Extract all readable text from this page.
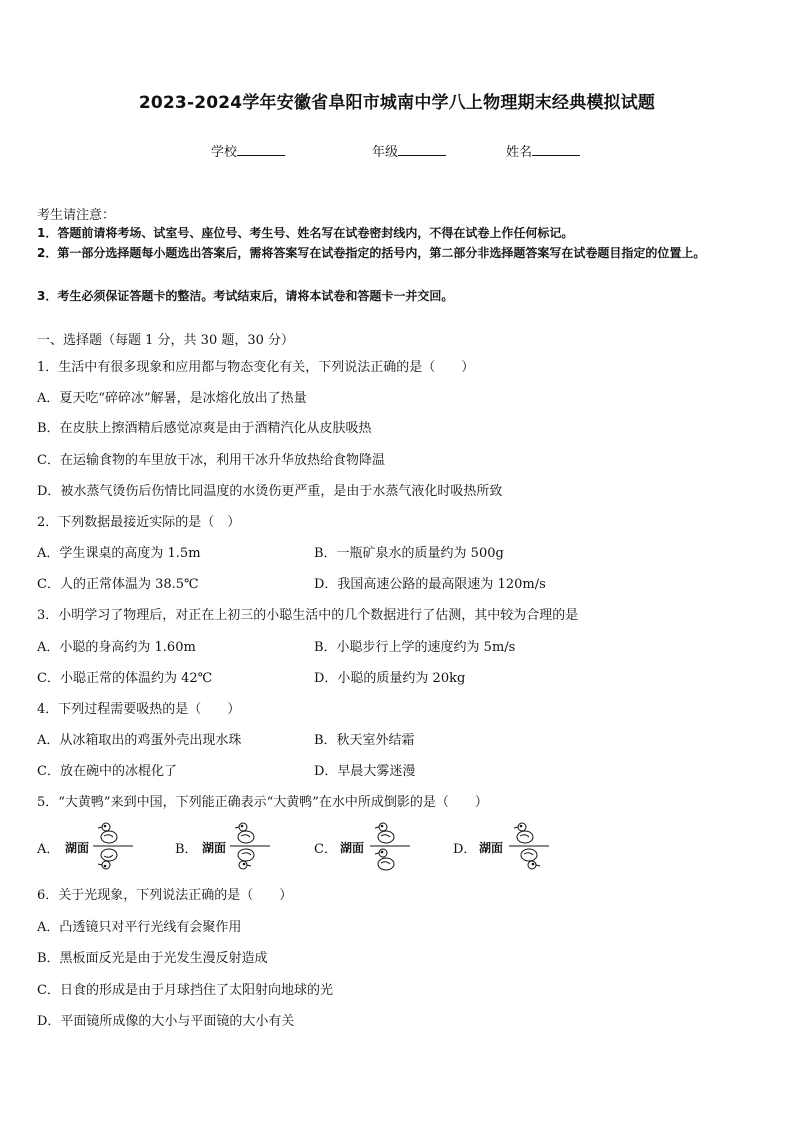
2023-2024学年安徽省阜阳市城南中学八上物理期末经典模拟试题
学校	年级	姓名
考生请注意：
1．答题前请将考场、试室号、座位号、考生号、姓名写在试卷密封线内，不得在试卷上作任何标记。
2．第一部分选择题每小题选出答案后，需将答案写在试卷指定的括号内，第二部分非选择题答案写在试卷题目指定的位置上。
3．考生必须保证答题卡的整洁。考试结束后，请将本试卷和答题卡一并交回。
一、选择题（每题 1 分，共 30 题，30 分）
1．生活中有很多现象和应用都与物态变化有关，下列说法正确的是（　　）
A．夏天吃“碎碎冰”解暑，是冰熔化放出了热量
B．在皮肤上擦酒精后感觉凉爽是由于酒精汽化从皮肤吸热
C．在运输食物的车里放干冰，利用干冰升华放热给食物降温
D．被水蒸气烫伤后伤情比同温度的水烫伤更严重，是由于水蒸气液化时吸热所致
2．下列数据最接近实际的是（　）
A．学生课桌的高度为 1.5m	B．一瓶矿泉水的质量约为 500g
C．人的正常体温为 38.5℃	D．我国高速公路的最高限速为 120m/s
3．小明学习了物理后，对正在上初三的小聪生活中的几个数据进行了估测，其中较为合理的是
A．小聪的身高约为 1.60m	B．小聪步行上学的速度约为 5m/s
C．小聪正常的体温约为 42℃	D．小聪的质量约为 20kg
4．下列过程需要吸热的是（　　）
A．从冰箱取出的鸡蛋外壳出现水珠	B．秋天室外结霜
C．放在碗中的冰棍化了	D．早晨大雾迷漫
5．“大黄鸭”来到中国，下列能正确表示“大黄鸭”在水中所成倒影的是（　　）
A． 湖面	B． 湖面	C． 湖面	D． 湖面
6．关于光现象，下列说法正确的是（　　）
A．凸透镜只对平行光线有会聚作用
B．黑板面反光是由于光发生漫反射造成
C．日食的形成是由于月球挡住了太阳射向地球的光
D．平面镜所成像的大小与平面镜的大小有关
